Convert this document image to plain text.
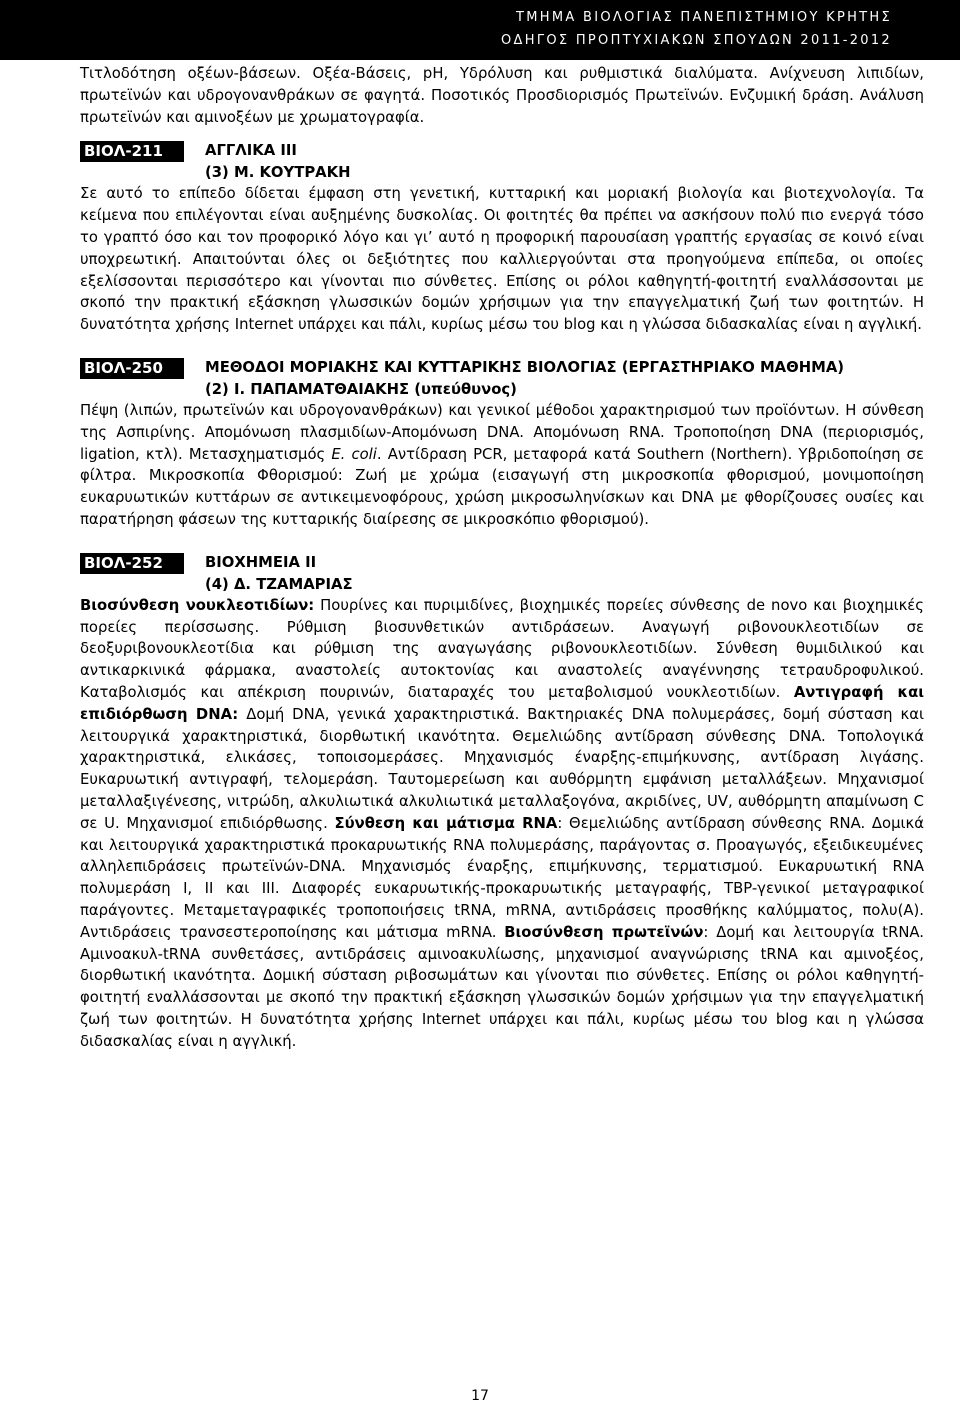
ΤΜΗΜΑ ΒΙΟΛΟΓΙΑΣ ΠΑΝΕΠΙΣΤΗΜΙΟΥ ΚΡΗΤΗΣ
ΟΔΗΓΟΣ ΠΡΟΠΤΥΧΙΑΚΩΝ ΣΠΟΥΔΩΝ 2011-2012

Τιτλοδότηση οξέων-βάσεων. Οξέα-Βάσεις, pH, Υδρόλυση και ρυθμιστικά διαλύματα. Ανίχνευση λιπιδίων, πρωτεϊνών και υδρογονανθράκων σε φαγητά. Ποσοτικός Προσδιορισμός Πρωτεϊνών. Ενζυμική δράση. Ανάλυση πρωτεϊνών και αμινοξέων με χρωματογραφία.

ΒΙΟΛ-211	ΑΓΓΛΙΚΑ ΙΙΙ
(3) Μ. ΚΟΥΤΡΑΚΗ

Σε αυτό το επίπεδο δίδεται έμφαση στη γενετική, κυτταρική και μοριακή βιολογία και βιοτεχνολογία. Τα κείμενα που επιλέγονται είναι αυξημένης δυσκολίας. Οι φοιτητές θα πρέπει να ασκήσουν πολύ πιο ενεργά τόσο το γραπτό όσο και τον προφορικό λόγο και γι’ αυτό η προφορική παρουσίαση γραπτής εργασίας σε κοινό είναι υποχρεωτική. Απαιτούνται όλες οι δεξιότητες που καλλιεργούνται στα προηγούμενα επίπεδα, οι οποίες εξελίσσονται περισσότερο και γίνονται πιο σύνθετες. Επίσης οι ρόλοι καθηγητή-φοιτητή εναλλάσσονται με σκοπό την πρακτική εξάσκηση γλωσσικών δομών χρήσιμων για την επαγγελματική ζωή των φοιτητών. Η δυνατότητα χρήσης Internet υπάρχει και πάλι, κυρίως μέσω του blog και η γλώσσα διδασκαλίας είναι η αγγλική.

ΒΙΟΛ-250	ΜΕΘΟΔΟΙ ΜΟΡΙΑΚΗΣ ΚΑΙ ΚΥΤΤΑΡΙΚΗΣ ΒΙΟΛΟΓΙΑΣ (ΕΡΓΑΣΤΗΡΙΑΚΟ ΜΑΘΗΜΑ)
(2) Ι. ΠΑΠΑΜΑΤΘΑΙΑΚΗΣ (υπεύθυνος)

Πέψη (λιπών, πρωτεϊνών και υδρογονανθράκων) και γενικοί μέθοδοι χαρακτηρισμού των προϊόντων. Η σύνθεση της Ασπιρίνης. Απομόνωση πλασμιδίων-Απομόνωση DNA. Απομόνωση RNA. Τροποποίηση DNA (περιορισμός, ligation, κτλ). Μετασχηματισμός E. coli. Αντίδραση PCR, μεταφορά κατά Southern (Northern). Υβριδοποίηση σε φίλτρα. Μικροσκοπία Φθορισμού: Ζωή με χρώμα (εισαγωγή στη μικροσκοπία φθορισμού, μονιμοποίηση ευκαρυωτικών κυττάρων σε αντικειμενοφόρους, χρώση μικροσωληνίσκων και DNA με φθορίζουσες ουσίες και παρατήρηση φάσεων της κυτταρικής διαίρεσης σε μικροσκόπιο φθορισμού).

ΒΙΟΛ-252	ΒΙΟΧΗΜΕΙΑ ΙΙ
(4) Δ. ΤΖΑΜΑΡΙΑΣ

Βιοσύνθεση νουκλεοτιδίων: Πουρίνες και πυριμιδίνες, βιοχημικές πορείες σύνθεσης de novo και βιοχημικές πορείες περίσσωσης. Ρύθμιση βιοσυνθετικών αντιδράσεων. Αναγωγή ριβονουκλεοτιδίων σε δεοξυριβονουκλεοτίδια και ρύθμιση της αναγωγάσης ριβονουκλεοτιδίων. Σύνθεση θυμιδιλικού και αντικαρκινικά φάρμακα, αναστολείς αυτοκτονίας και αναστολείς αναγέννησης τετραυδροφυλικού. Καταβολισμός και απέκριση πουρινών, διαταραχές του μεταβολισμού νουκλεοτιδίων. Αντιγραφή και επιδιόρθωση DNA: Δομή DNA, γενικά χαρακτηριστικά. Βακτηριακές DNA πολυμεράσες, δομή σύσταση και λειτουργικά χαρακτηριστικά, διορθωτική ικανότητα. Θεμελιώδης αντίδραση σύνθεσης DNA. Τοπολογικά χαρακτηριστικά, ελικάσες, τοποισομεράσες. Μηχανισμός έναρξης-επιμήκυνσης, αντίδραση λιγάσης. Ευκαρυωτική αντιγραφή, τελομεράση. Ταυτομερείωση και αυθόρμητη εμφάνιση μεταλλάξεων. Μηχανισμοί μεταλλαξιγένεσης, νιτρώδη, αλκυλιωτικά αλκυλιωτικά μεταλλαξογόνα, ακριδίνες, UV, αυθόρμητη απαμίνωση C σε U. Μηχανισμοί επιδιόρθωσης. Σύνθεση και μάτισμα RNA: Θεμελιώδης αντίδραση σύνθεσης RNA. Δομικά και λειτουργικά χαρακτηριστικά προκαρυωτικής RNA πολυμεράσης, παράγοντας σ. Προαγωγός, εξειδικευμένες αλληλεπιδράσεις πρωτεϊνών-DNA. Μηχανισμός έναρξης, επιμήκυνσης, τερματισμού. Ευκαρυωτική RNA πολυμεράση Ι, ΙΙ και ΙΙΙ. Διαφορές ευκαρυωτικής-προκαρυωτικής μεταγραφής, TBP-γενικοί μεταγραφικοί παράγοντες. Μεταμεταγραφικές τροποποιήσεις tRNA, mRNA, αντιδράσεις προσθήκης καλύμματος, πολυ(Α). Αντιδράσεις τρανσεστεροποίησης και μάτισμα mRNA. Βιοσύνθεση πρωτεϊνών: Δομή και λειτουργία tRNA. Αμινοακυλ-tRNA συνθετάσες, αντιδράσεις αμινοακυλίωσης, μηχανισμοί αναγνώρισης tRNA και αμινοξέος, διορθωτική ικανότητα. Δομική σύσταση ριβοσωμάτων και γίνονται πιο σύνθετες. Επίσης οι ρόλοι καθηγητή-φοιτητή εναλλάσσονται με σκοπό την πρακτική εξάσκηση γλωσσικών δομών χρήσιμων για την επαγγελματική ζωή των φοιτητών. Η δυνατότητα χρήσης Internet υπάρχει και πάλι, κυρίως μέσω του blog και η γλώσσα διδασκαλίας είναι η αγγλική.

17
